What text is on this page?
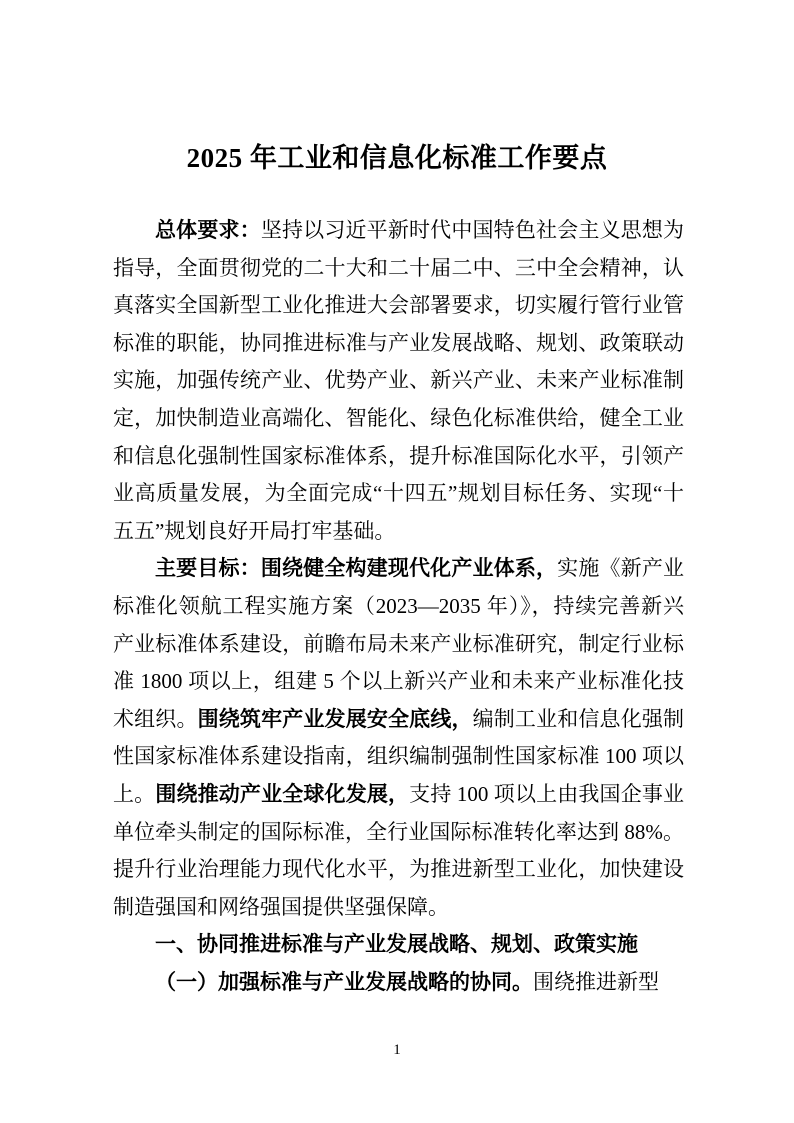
2025 年工业和信息化标准工作要点

总体要求：坚持以习近平新时代中国特色社会主义思想为指导，全面贯彻党的二十大和二十届二中、三中全会精神，认真落实全国新型工业化推进大会部署要求，切实履行管行业管标准的职能，协同推进标准与产业发展战略、规划、政策联动实施，加强传统产业、优势产业、新兴产业、未来产业标准制定，加快制造业高端化、智能化、绿色化标准供给，健全工业和信息化强制性国家标准体系，提升标准国际化水平，引领产业高质量发展，为全面完成“十四五”规划目标任务、实现“十五五”规划良好开局打牢基础。

主要目标：围绕健全构建现代化产业体系，实施《新产业标准化领航工程实施方案（2023—2035 年）》，持续完善新兴产业标准体系建设，前瞻布局未来产业标准研究，制定行业标准 1800 项以上，组建 5 个以上新兴产业和未来产业标准化技术组织。围绕筑牢产业发展安全底线，编制工业和信息化强制性国家标准体系建设指南，组织编制强制性国家标准 100 项以上。围绕推动产业全球化发展，支持 100 项以上由我国企事业单位牵头制定的国际标准，全行业国际标准转化率达到 88%。提升行业治理能力现代化水平，为推进新型工业化，加快建设制造强国和网络强国提供坚强保障。

一、协同推进标准与产业发展战略、规划、政策实施

（一）加强标准与产业发展战略的协同。围绕推进新型

1
